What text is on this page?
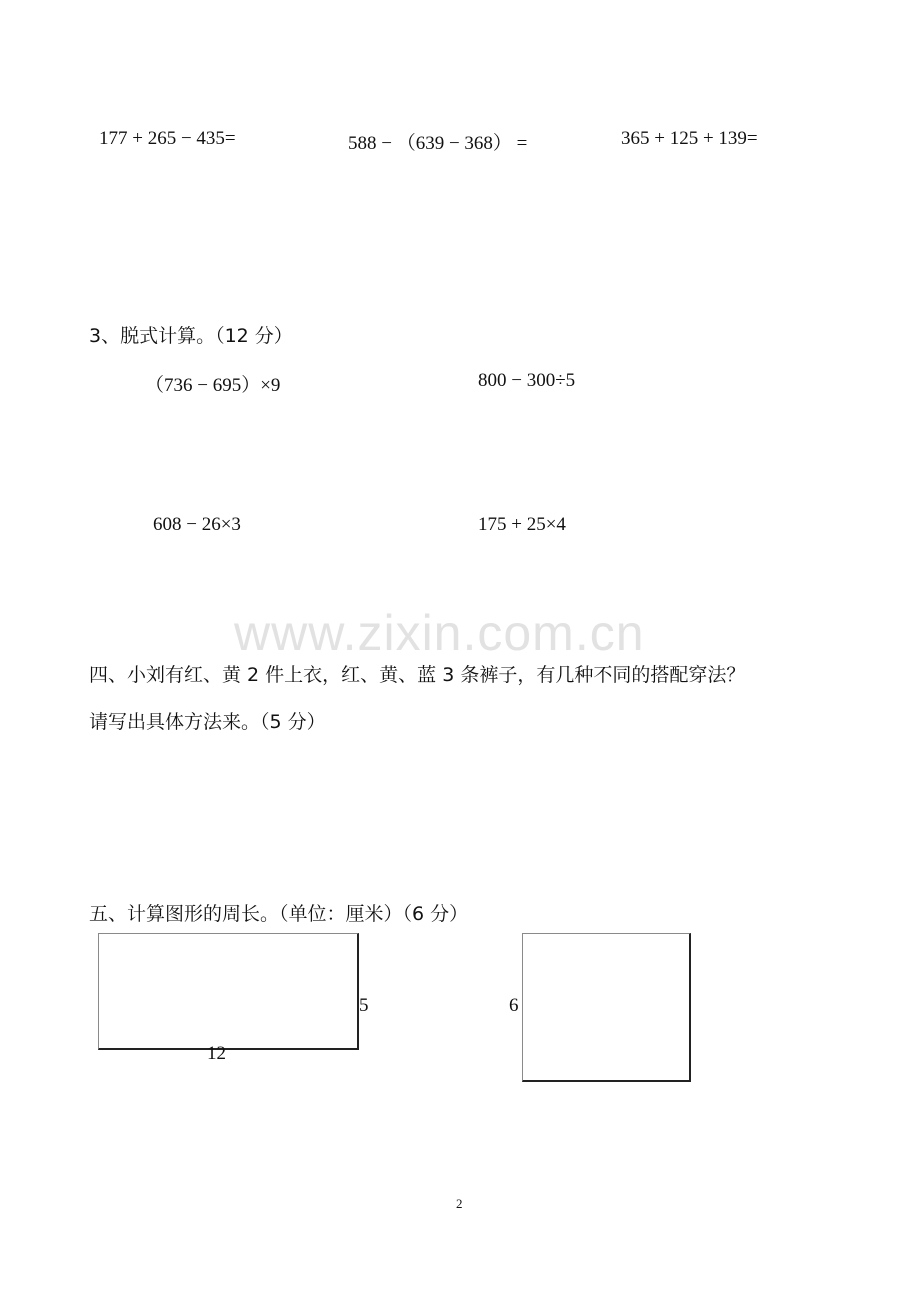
177 + 265 − 435=	588 − （639 − 368） =	365 + 125 + 139=
3、脱式计算。（12 分）
（736 − 695）×9	800 − 300÷5
608 − 26×3	175 + 25×4
www.zixin.com.cn
四、小刘有红、黄 2 件上衣，红、黄、蓝 3 条裤子，有几种不同的搭配穿法？
请写出具体方法来。（5 分）
五、计算图形的周长。（单位：厘米）（6 分）
5
12
6
2
